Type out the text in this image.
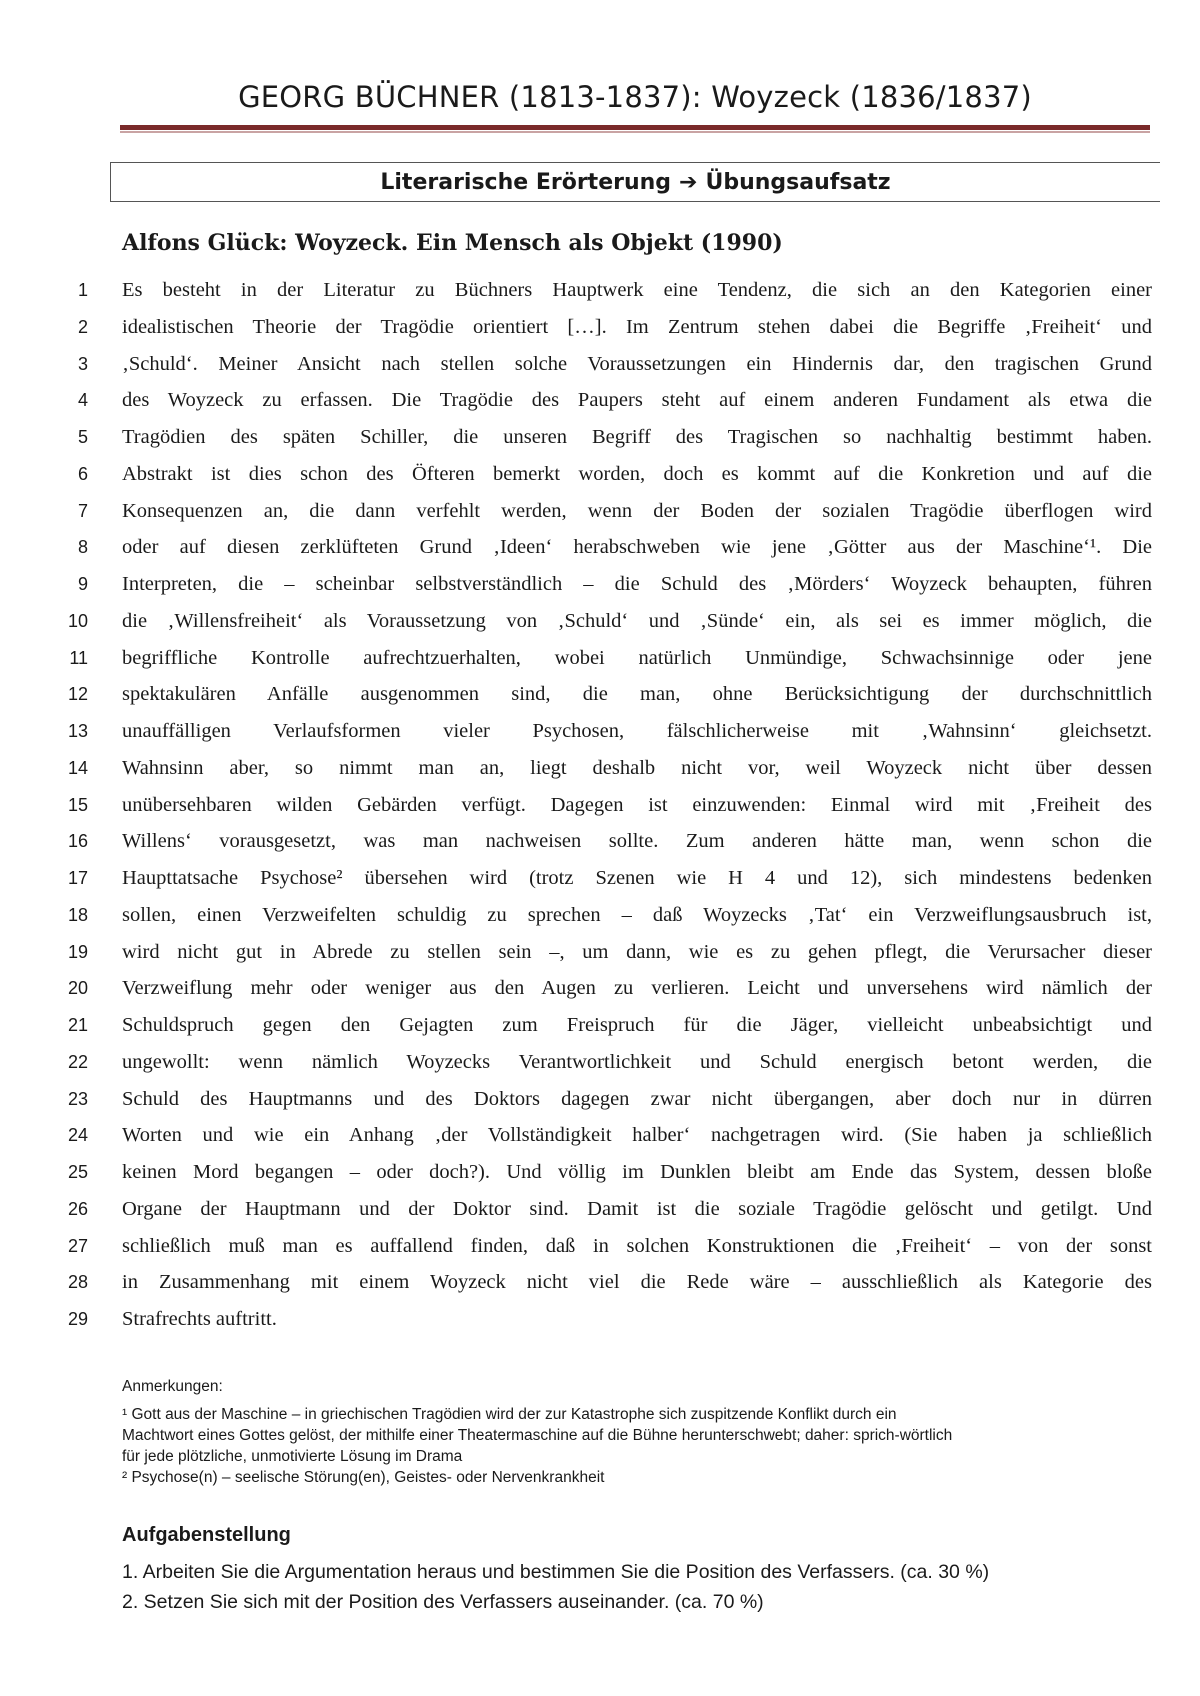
GEORG BÜCHNER (1813-1837): Woyzeck (1836/1837)
Literarische Erörterung ➔ Übungsaufsatz
Alfons Glück: Woyzeck. Ein Mensch als Objekt (1990)
1 Es besteht in der Literatur zu Büchners Hauptwerk eine Tendenz, die sich an den Kategorien einer
2 idealistischen Theorie der Tragödie orientiert […]. Im Zentrum stehen dabei die Begriffe ‚Freiheit‘ und
3 ‚Schuld‘. Meiner Ansicht nach stellen solche Voraussetzungen ein Hindernis dar, den tragischen Grund
4 des Woyzeck zu erfassen. Die Tragödie des Paupers steht auf einem anderen Fundament als etwa die
5 Tragödien des späten Schiller, die unseren Begriff des Tragischen so nachhaltig bestimmt haben.
6 Abstrakt ist dies schon des Öfteren bemerkt worden, doch es kommt auf die Konkretion und auf die
7 Konsequenzen an, die dann verfehlt werden, wenn der Boden der sozialen Tragödie überflogen wird
8 oder auf diesen zerklüfteten Grund ‚Ideen‘ herabschweben wie jene ‚Götter aus der Maschine‘¹. Die
9 Interpreten, die – scheinbar selbstverständlich – die Schuld des ‚Mörders‘ Woyzeck behaupten, führen
10 die ‚Willensfreiheit‘ als Voraussetzung von ‚Schuld‘ und ‚Sünde‘ ein, als sei es immer möglich, die
11 begriffliche Kontrolle aufrechtzuerhalten, wobei natürlich Unmündige, Schwachsinnige oder jene
12 spektakulären Anfälle ausgenommen sind, die man, ohne Berücksichtigung der durchschnittlich
13 unauffälligen Verlaufsformen vieler Psychosen, fälschlicherweise mit ‚Wahnsinn‘ gleichsetzt.
14 Wahnsinn aber, so nimmt man an, liegt deshalb nicht vor, weil Woyzeck nicht über dessen
15 unübersehbaren wilden Gebärden verfügt. Dagegen ist einzuwenden: Einmal wird mit ‚Freiheit des
16 Willens‘ vorausgesetzt, was man nachweisen sollte. Zum anderen hätte man, wenn schon die
17 Haupttatsache Psychose² übersehen wird (trotz Szenen wie H 4 und 12), sich mindestens bedenken
18 sollen, einen Verzweifelten schuldig zu sprechen – daß Woyzecks ‚Tat‘ ein Verzweiflungsausbruch ist,
19 wird nicht gut in Abrede zu stellen sein –, um dann, wie es zu gehen pflegt, die Verursacher dieser
20 Verzweiflung mehr oder weniger aus den Augen zu verlieren. Leicht und unversehens wird nämlich der
21 Schuldspruch gegen den Gejagten zum Freispruch für die Jäger, vielleicht unbeabsichtigt und
22 ungewollt: wenn nämlich Woyzecks Verantwortlichkeit und Schuld energisch betont werden, die
23 Schuld des Hauptmanns und des Doktors dagegen zwar nicht übergangen, aber doch nur in dürren
24 Worten und wie ein Anhang ‚der Vollständigkeit halber‘ nachgetragen wird. (Sie haben ja schließlich
25 keinen Mord begangen – oder doch?). Und völlig im Dunklen bleibt am Ende das System, dessen bloße
26 Organe der Hauptmann und der Doktor sind. Damit ist die soziale Tragödie gelöscht und getilgt. Und
27 schließlich muß man es auffallend finden, daß in solchen Konstruktionen die ‚Freiheit‘ – von der sonst
28 in Zusammenhang mit einem Woyzeck nicht viel die Rede wäre – ausschließlich als Kategorie des
29 Strafrechts auftritt.
Anmerkungen:
¹ Gott aus der Maschine – in griechischen Tragödien wird der zur Katastrophe sich zuspitzende Konflikt durch ein
Machtwort eines Gottes gelöst, der mithilfe einer Theatermaschine auf die Bühne herunterschwebt; daher: sprich-wörtlich
für jede plötzliche, unmotivierte Lösung im Drama
² Psychose(n) – seelische Störung(en), Geistes- oder Nervenkrankheit
Aufgabenstellung
1. Arbeiten Sie die Argumentation heraus und bestimmen Sie die Position des Verfassers. (ca. 30 %)
2. Setzen Sie sich mit der Position des Verfassers auseinander. (ca. 70 %)
